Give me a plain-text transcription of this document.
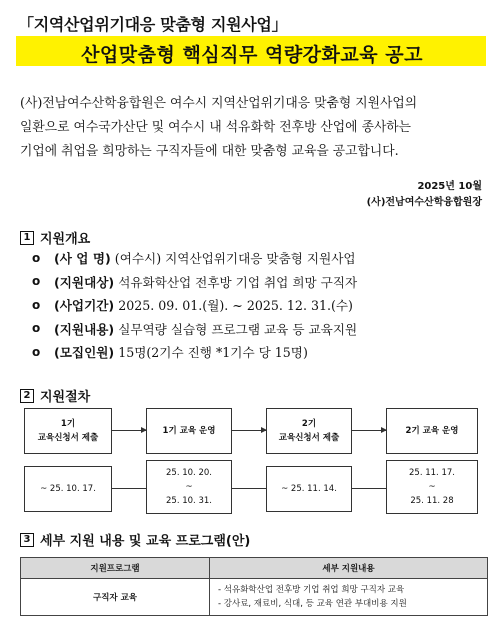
「지역산업위기대응 맞춤형 지원사업」
산업맞춤형 핵심직무 역량강화교육 공고
(사)전남여수산학융합원은 여수시 지역산업위기대응 맞춤형 지원사업의
일환으로 여수국가산단 및 여수시 내 석유화학 전후방 산업에 종사하는
기업에 취업을 희망하는 구직자들에 대한 맞춤형 교육을 공고합니다.
2025년 10월
(사)전남여수산학융합원장
1 지원개요
o	(사 업 명) (여수시) 지역산업위기대응 맞춤형 지원사업
o	(지원대상) 석유화학산업 전후방 기업 취업 희망 구직자
o	(사업기간) 2025. 09. 01.(월). ~ 2025. 12. 31.(수)
o	(지원내용) 실무역량 실습형 프로그램 교육 등 교육지원
o	(모집인원) 15명(2기수 진행 *1기수 당 15명)
2 지원절차
1기
교육신청서 제출
~ 25. 10. 17.
1기 교육 운영
25. 10. 20.
~
25. 10. 31.
2기
교육신청서 제출
~ 25. 11. 14.
2기 교육 운영
25. 11. 17.
~
25. 11. 28
3 세부 지원 내용 및 교육 프로그램(안)
지원프로그램	세부 지원내용
구직자 교육	- 석유화학산업 전후방 기업 취업 희망 구직자 교육
- 강사료, 재료비, 식대, 등 교육 연관 부대비용 지원
